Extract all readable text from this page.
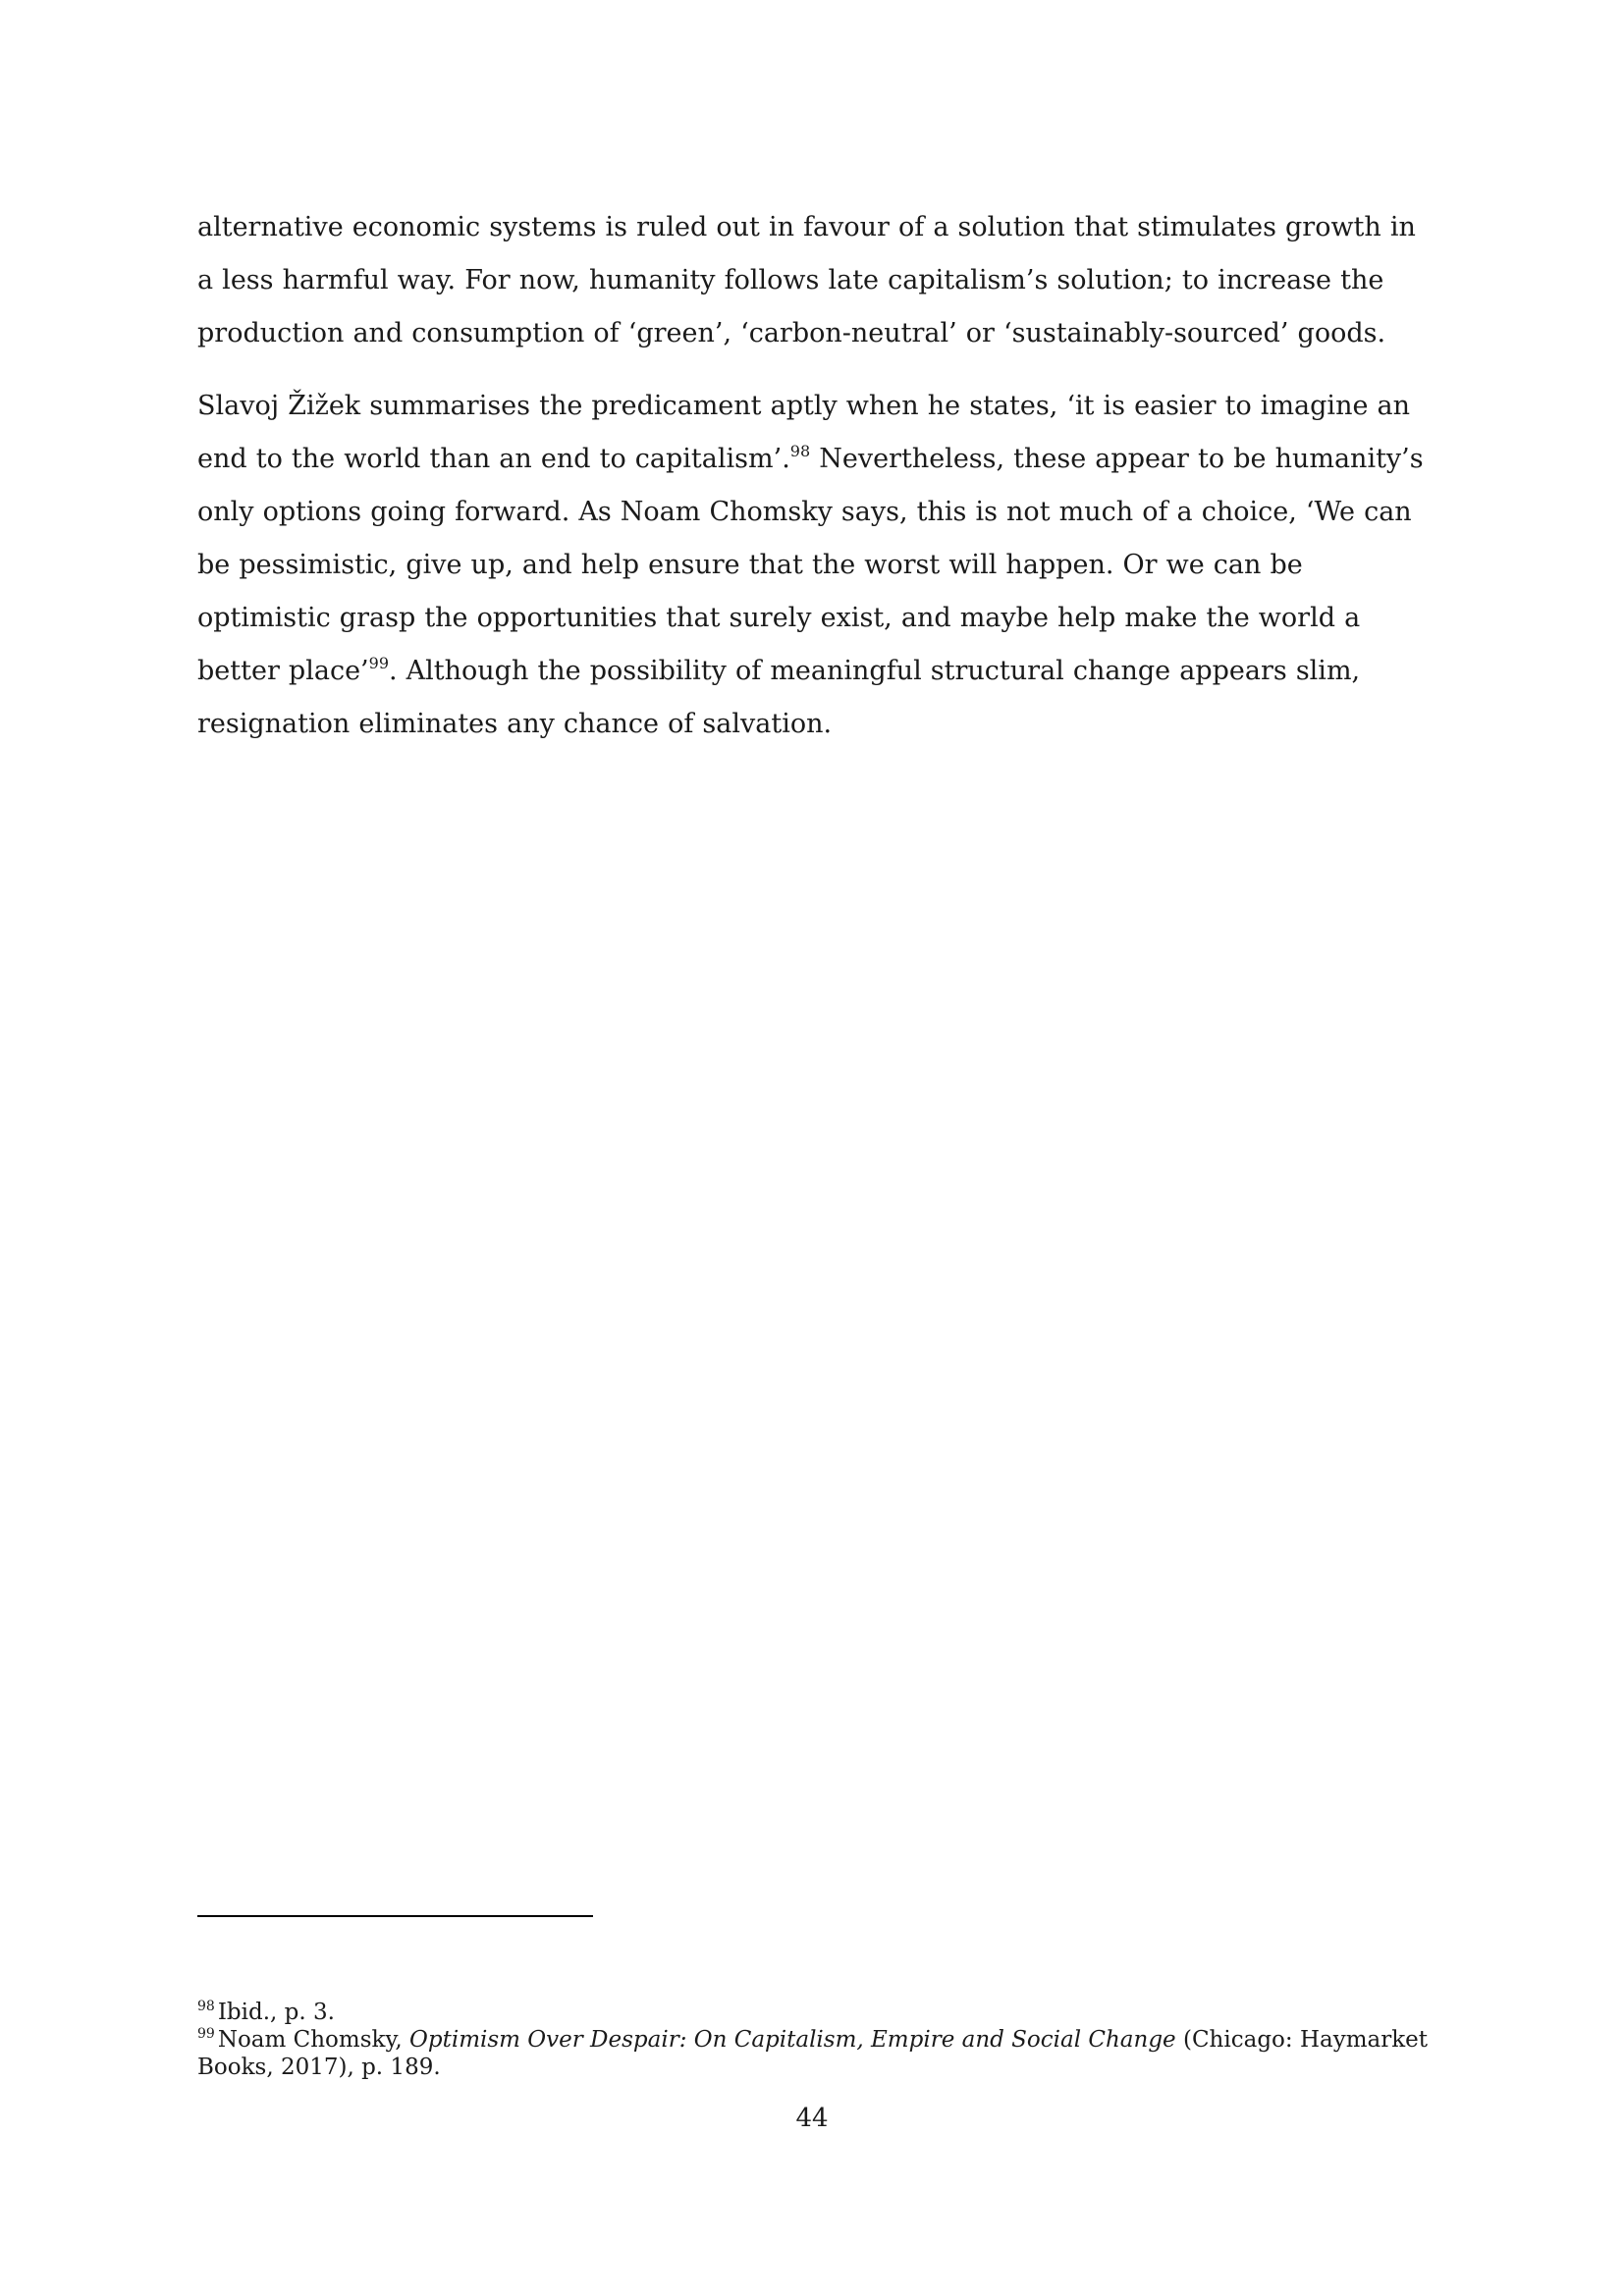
alternative economic systems is ruled out in favour of a solution that stimulates growth in a less harmful way. For now, humanity follows late capitalism’s solution; to increase the production and consumption of ‘green’, ‘carbon-neutral’ or ‘sustainably-sourced’ goods.

Slavoj Žižek summarises the predicament aptly when he states, ‘it is easier to imagine an end to the world than an end to capitalism’.$^{98}$ Nevertheless, these appear to be humanity’s only options going forward. As Noam Chomsky says, this is not much of a choice, ‘We can be pessimistic, give up, and help ensure that the worst will happen. Or we can be optimistic grasp the opportunities that surely exist, and maybe help make the world a better place’$^{99}$. Although the possibility of meaningful structural change appears slim, resignation eliminates any chance of salvation.

$^{98}$ Ibid., p. 3.

$^{99}$ Noam Chomsky, Optimism Over Despair: On Capitalism, Empire and Social Change (Chicago: Haymarket Books, 2017), p. 189.

44
